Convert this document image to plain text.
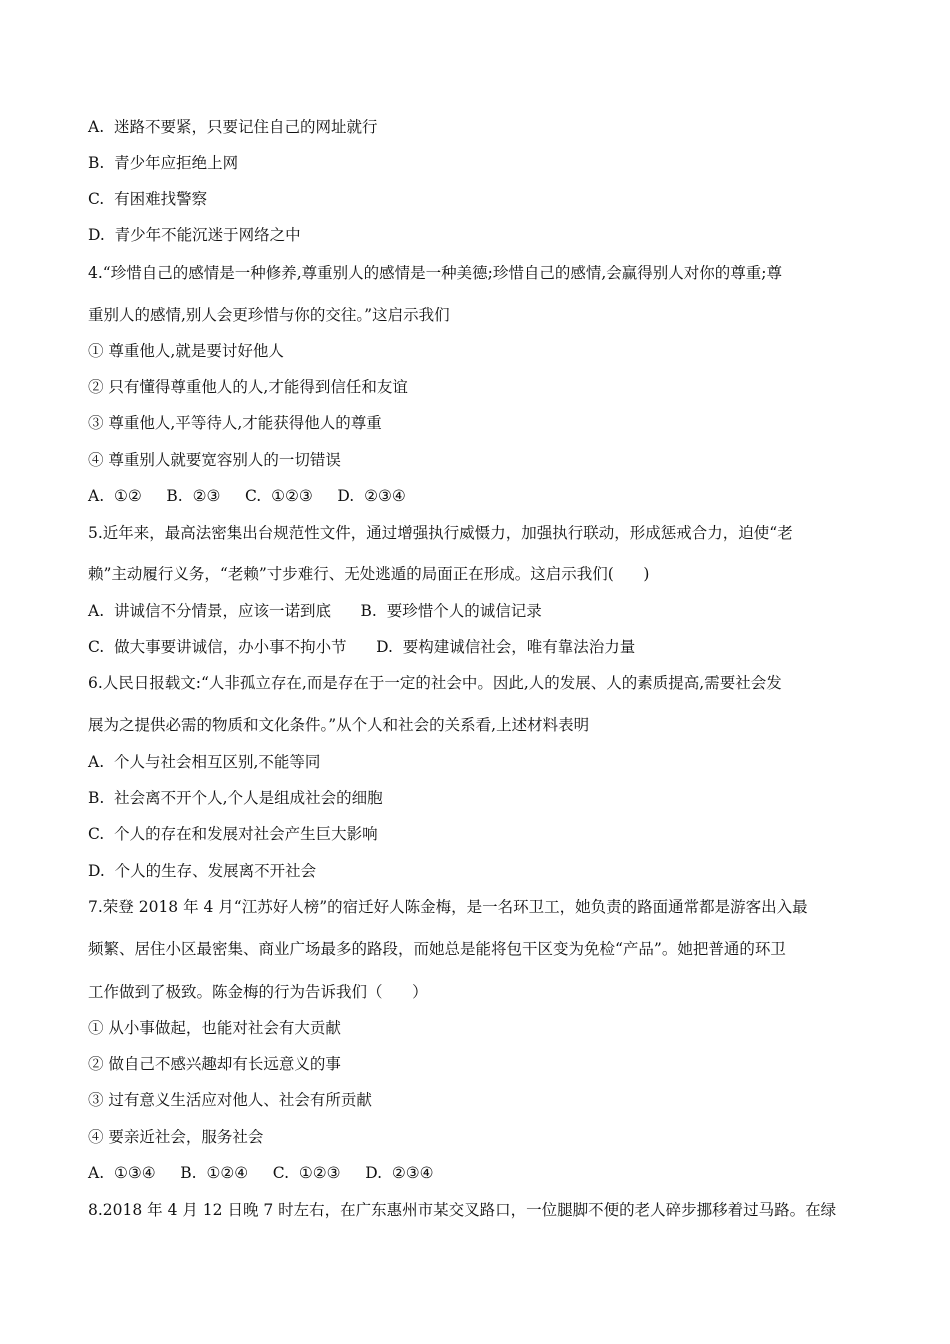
A.  迷路不要紧，只要记住自己的网址就行
B.  青少年应拒绝上网
C.  有困难找警察
D.  青少年不能沉迷于网络之中
4.“珍惜自己的感情是一种修养,尊重别人的感情是一种美德;珍惜自己的感情,会赢得别人对你的尊重;尊
重别人的感情,别人会更珍惜与你的交往。”这启示我们
① 尊重他人,就是要讨好他人
② 只有懂得尊重他人的人,才能得到信任和友谊
③ 尊重他人,平等待人,才能获得他人的尊重
④ 尊重别人就要宽容别人的一切错误
A.  ①②     B.  ②③     C.  ①②③     D.  ②③④
5.近年来，最高法密集出台规范性文件，通过增强执行威慑力，加强执行联动，形成惩戒合力，迫使“老
赖”主动履行义务，“老赖”寸步难行、无处逃遁的局面正在形成。这启示我们(      )
A.  讲诚信不分情景，应该一诺到底      B.  要珍惜个人的诚信记录
C.  做大事要讲诚信，办小事不拘小节      D.  要构建诚信社会，唯有靠法治力量
6.人民日报载文:“人非孤立存在,而是存在于一定的社会中。因此,人的发展、人的素质提高,需要社会发
展为之提供必需的物质和文化条件。”从个人和社会的关系看,上述材料表明
A.  个人与社会相互区别,不能等同
B.  社会离不开个人,个人是组成社会的细胞
C.  个人的存在和发展对社会产生巨大影响
D.  个人的生存、发展离不开社会
7.荣登 2018 年 4 月“江苏好人榜”的宿迁好人陈金梅，是一名环卫工，她负责的路面通常都是游客出入最
频繁、居住小区最密集、商业广场最多的路段，而她总是能将包干区变为免检“产品”。她把普通的环卫
工作做到了极致。陈金梅的行为告诉我们（      ）
① 从小事做起，也能对社会有大贡献
② 做自己不感兴趣却有长远意义的事
③ 过有意义生活应对他人、社会有所贡献
④ 要亲近社会，服务社会
A.  ①③④     B.  ①②④     C.  ①②③     D.  ②③④
8.2018 年 4 月 12 日晚 7 时左右，在广东惠州市某交叉路口，一位腿脚不便的老人碎步挪移着过马路。在绿
